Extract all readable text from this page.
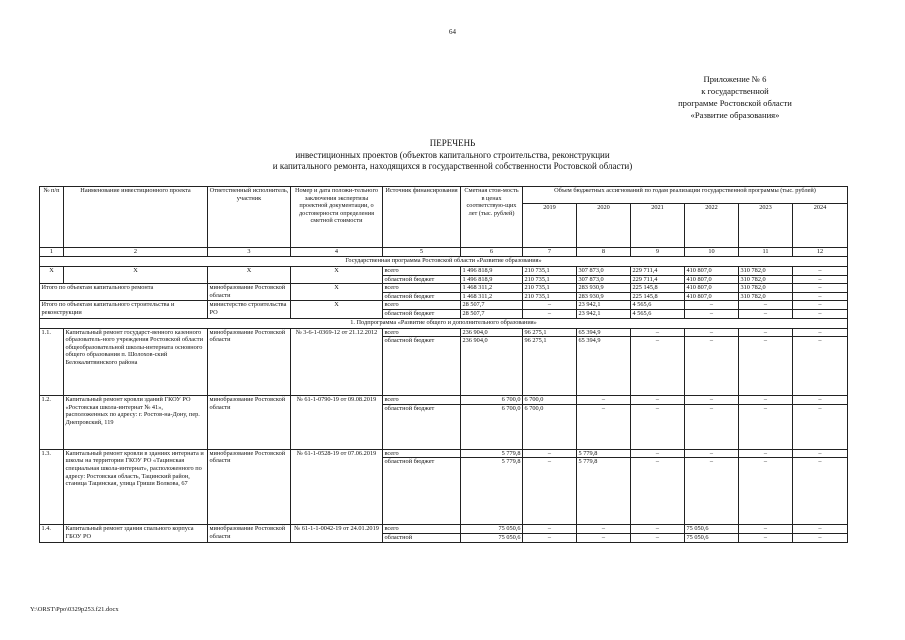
64
Приложение № 6
к государственной
программе Ростовской области
«Развитие образования»
ПЕРЕЧЕНЬ
инвестиционных проектов (объектов капитального строительства, реконструкции
и капитального ремонта, находящихся в государственной собственности Ростовской области)
№ п/п	Наименование инвестиционного проекта	Ответственный исполнитель, участник	Номер и дата положи-тельного заключения экспертизы проектной документации, о достоверности определения сметной стоимости	Источник финансирования	Сметная стои-мость в ценах соответствую-щих лет (тыс. рублей)	Объем бюджетных ассигнований по годам реализации государственной программы (тыс. рублей)					
						2019	2020	2021	2022	2023	2024
1	2	3	4	5	6	7	8	9	10	11	12
Государственная программа Ростовской области «Развитие образования»											
Х	Х	Х	Х	всего	1 496 818,9	210 735,1	307 873,0	229 711,4	410 807,0	310 782,0	–
				областной бюджет	1 496 818,9	210 735,1	307 873,0	229 711,4	410 807,0	310 782,0	–
Итого по объектам капитального ремонта		минобразование Ростовской области	Х	всего	1 468 311,2	210 735,1	283 930,9	225 145,8	410 807,0	310 782,0	–
				областной бюджет	1 468 311,2	210 735,1	283 930,9	225 145,8	410 807,0	310 782,0	–
Итого по объектам капитального строительства и реконструкции		министерство строительства РО	Х	всего	28 507,7	–	23 942,1	4 565,6	–	–	–
				областной бюджет	28 507,7	–	23 942,1	4 565,6	–	–	–
1. Подпрограмма «Развитие общего и дополнительного образования»											
1.1.	Капитальный ремонт государст-венного казенного образователь-ного учреждения Ростовской области общеобразовательной школы-интерната основного общего образования п. Шолохов-ский Белокалитвинского района	минобразование Ростовской области	№ 3-6-1-0369-12 от 21.12.2012	всего	236 904,0	96 275,1	65 394,9	–	–	–	–
				областной бюджет	236 904,0	96 275,1	65 394,9	–	–	–	–
1.2.	Капитальный ремонт кровли зданий ГКОУ РО «Ростовская школа-интернат № 41», расположенных по адресу: г. Ростов-на-Дону, пер. Днепровский, 119	минобразование Ростовской области	№ 61-1-0790-19 от 09.08.2019	всего	6 700,0	6 700,0	–	–	–	–	–
				областной бюджет	6 700,0	6 700,0	–	–	–	–	–
1.3.	Капитальный ремонт кровли в зданиях интерната и школы на территории ГКОУ РО «Тацинская специальная школа-интернат», расположенного по адресу: Ростовская область, Тацинский район, станица Тацинская, улица Гриши Волкова, 67	минобразование Ростовской области	№ 61-1-0528-19 от 07.06.2019	всего	5 779,8	–	5 779,8	–	–	–	–
				областной бюджет	5 779,8	–	5 779,8	–	–	–	–
1.4.	Капитальный ремонт здания спального корпуса ГБОУ РО	минобразование Ростовской области	№ 61-1-1-0042-19 от 24.01.2019	всего	75 050,6	–	–	–	75 050,6	–	–
				областной	75 050,6	–	–	–	75 050,6	–	–
Y:\ORST\Ppo\0329p253.f21.docx
